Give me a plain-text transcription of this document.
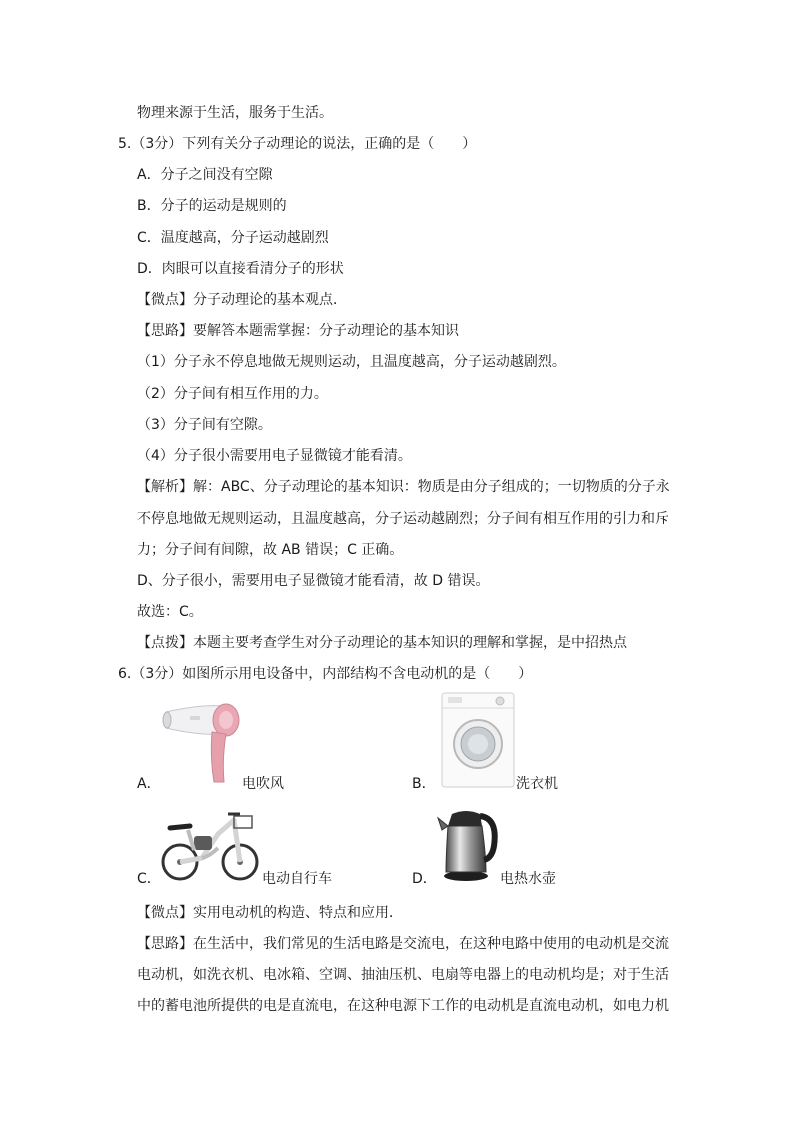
物理来源于生活，服务于生活。
5.（3分）下列有关分子动理论的说法，正确的是（　　）
A．分子之间没有空隙
B．分子的运动是规则的
C．温度越高，分子运动越剧烈
D．肉眼可以直接看清分子的形状
【微点】分子动理论的基本观点．
【思路】要解答本题需掌握：分子动理论的基本知识
（1）分子永不停息地做无规则运动，且温度越高，分子运动越剧烈。
（2）分子间有相互作用的力。
（3）分子间有空隙。
（4）分子很小需要用电子显微镜才能看清。
【解析】解：ABC、分子动理论的基本知识：物质是由分子组成的；一切物质的分子永
不停息地做无规则运动，且温度越高，分子运动越剧烈；分子间有相互作用的引力和斥
力；分子间有间隙，故 AB 错误；C 正确。
D、分子很小，需要用电子显微镜才能看清，故 D 错误。
故选：C。
【点拨】本题主要考查学生对分子动理论的基本知识的理解和掌握，是中招热点
6.（3分）如图所示用电设备中，内部结构不含电动机的是（　　）
A．	电吹风	B．	洗衣机
C．	电动自行车	D．	电热水壶
【微点】实用电动机的构造、特点和应用．
【思路】在生活中，我们常见的生活电路是交流电，在这种电路中使用的电动机是交流
电动机，如洗衣机、电冰箱、空调、抽油压机、电扇等电器上的电动机均是；对于生活
中的蓄电池所提供的电是直流电，在这种电源下工作的电动机是直流电动机，如电力机
